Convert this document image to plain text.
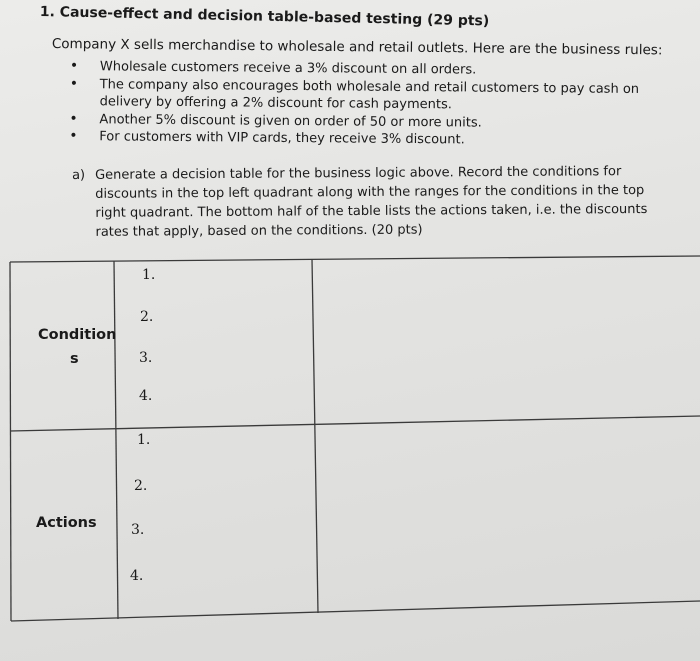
1. Cause-effect and decision table-based testing (29 pts)
Company X sells merchandise to wholesale and retail outlets. Here are the business rules:
• Wholesale customers receive a 3% discount on all orders.
• The company also encourages both wholesale and retail customers to pay cash on
delivery by offering a 2% discount for cash payments.
• Another 5% discount is given on order of 50 or more units.
• For customers with VIP cards, they receive 3% discount.
a) Generate a decision table for the business logic above. Record the conditions for
discounts in the top left quadrant along with the ranges for the conditions in the top
right quadrant. The bottom half of the table lists the actions taken, i.e. the discounts
rates that apply, based on the conditions. (20 pts)
Condition
s
Actions
1.
2.
3.
4.
1.
2.
3.
4.
